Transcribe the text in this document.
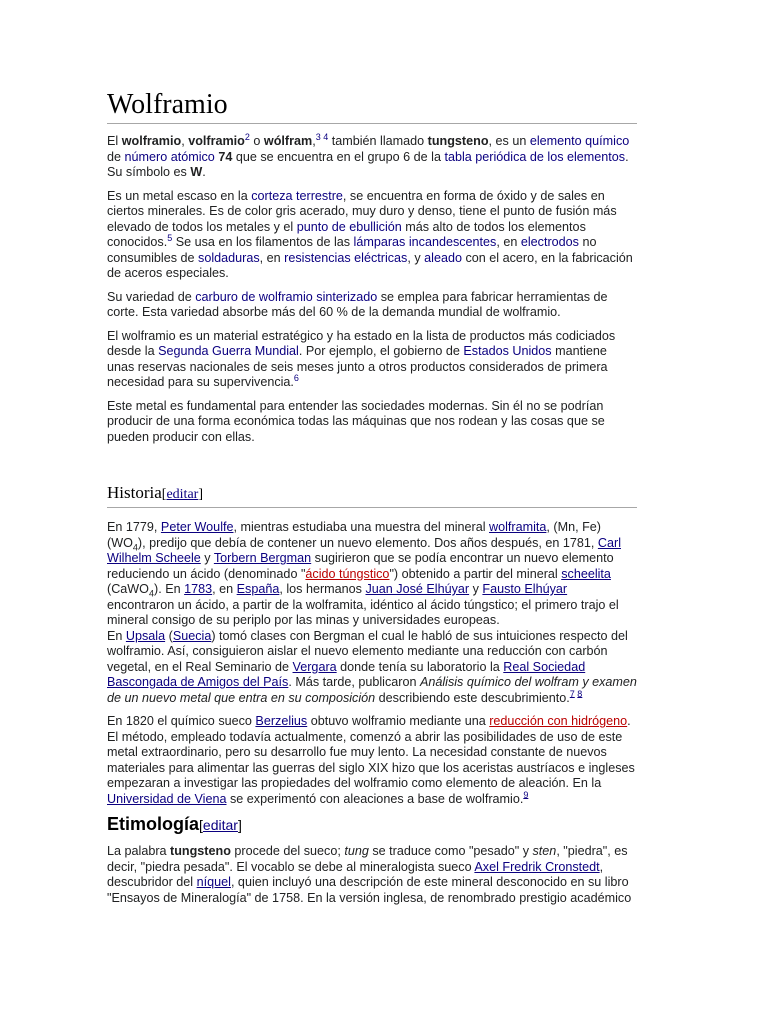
Wolframio

El wolframio, volframio$^2$ o wólfram,$^{3 4}$ también llamado tungsteno, es un elemento químico de número atómico 74 que se encuentra en el grupo 6 de la tabla periódica de los elementos. Su símbolo es W.

Es un metal escaso en la corteza terrestre, se encuentra en forma de óxido y de sales en ciertos minerales. Es de color gris acerado, muy duro y denso, tiene el punto de fusión más elevado de todos los metales y el punto de ebullición más alto de todos los elementos conocidos.$^5$ Se usa en los filamentos de las lámparas incandescentes, en electrodos no consumibles de soldaduras, en resistencias eléctricas, y aleado con el acero, en la fabricación de aceros especiales.

Su variedad de carburo de wolframio sinterizado se emplea para fabricar herramientas de corte. Esta variedad absorbe más del 60 % de la demanda mundial de wolframio.

El wolframio es un material estratégico y ha estado en la lista de productos más codiciados desde la Segunda Guerra Mundial. Por ejemplo, el gobierno de Estados Unidos mantiene unas reservas nacionales de seis meses junto a otros productos considerados de primera necesidad para su supervivencia.$^6$

Este metal es fundamental para entender las sociedades modernas. Sin él no se podrían producir de una forma económica todas las máquinas que nos rodean y las cosas que se pueden producir con ellas.

Historia[editar]

En 1779, Peter Woulfe, mientras estudiaba una muestra del mineral wolframita, (Mn, $Fe)(WO_4)$, predijo que debía de contener un nuevo elemento. Dos años después, en 1781, Carl Wilhelm Scheele y Torbern Bergman sugirieron que se podía encontrar un nuevo elemento reduciendo un ácido (denominado "ácido túngstico") obtenido a partir del mineral scheelita (CaWO$_4$). En 1783, en España, los hermanos Juan José Elhúyar y Fausto Elhúyar encontraron un ácido, a partir de la wolframita, idéntico al ácido túngstico; el primero trajo el mineral consigo de su periplo por las minas y universidades europeas.
En Upsala (Suecia) tomó clases con Bergman el cual le habló de sus intuiciones respecto del wolframio. Así, consiguieron aislar el nuevo elemento mediante una reducción con carbón vegetal, en el Real Seminario de Vergara donde tenía su laboratorio la Real Sociedad Bascongada de Amigos del País. Más tarde, publicaron Análisis químico del wolfram y examen de un nuevo metal que entra en su composición describiendo este descubrimiento.$^{7 8}$

En 1820 el químico sueco Berzelius obtuvo wolframio mediante una reducción con hidrógeno. El método, empleado todavía actualmente, comenzó a abrir las posibilidades de uso de este metal extraordinario, pero su desarrollo fue muy lento. La necesidad constante de nuevos materiales para alimentar las guerras del siglo XIX hizo que los aceristas austríacos e ingleses empezaran a investigar las propiedades del wolframio como elemento de aleación. En la Universidad de Viena se experimentó con aleaciones a base de wolframio.$^9$

Etimología[editar]

La palabra tungsteno procede del sueco; tung se traduce como "pesado" y sten, "piedra", es decir, "piedra pesada". El vocablo se debe al mineralogista sueco Axel Fredrik Cronstedt, descubridor del níquel, quien incluyó una descripción de este mineral desconocido en su libro "Ensayos de Mineralogía" de 1758. En la versión inglesa, de renombrado prestigio académico
